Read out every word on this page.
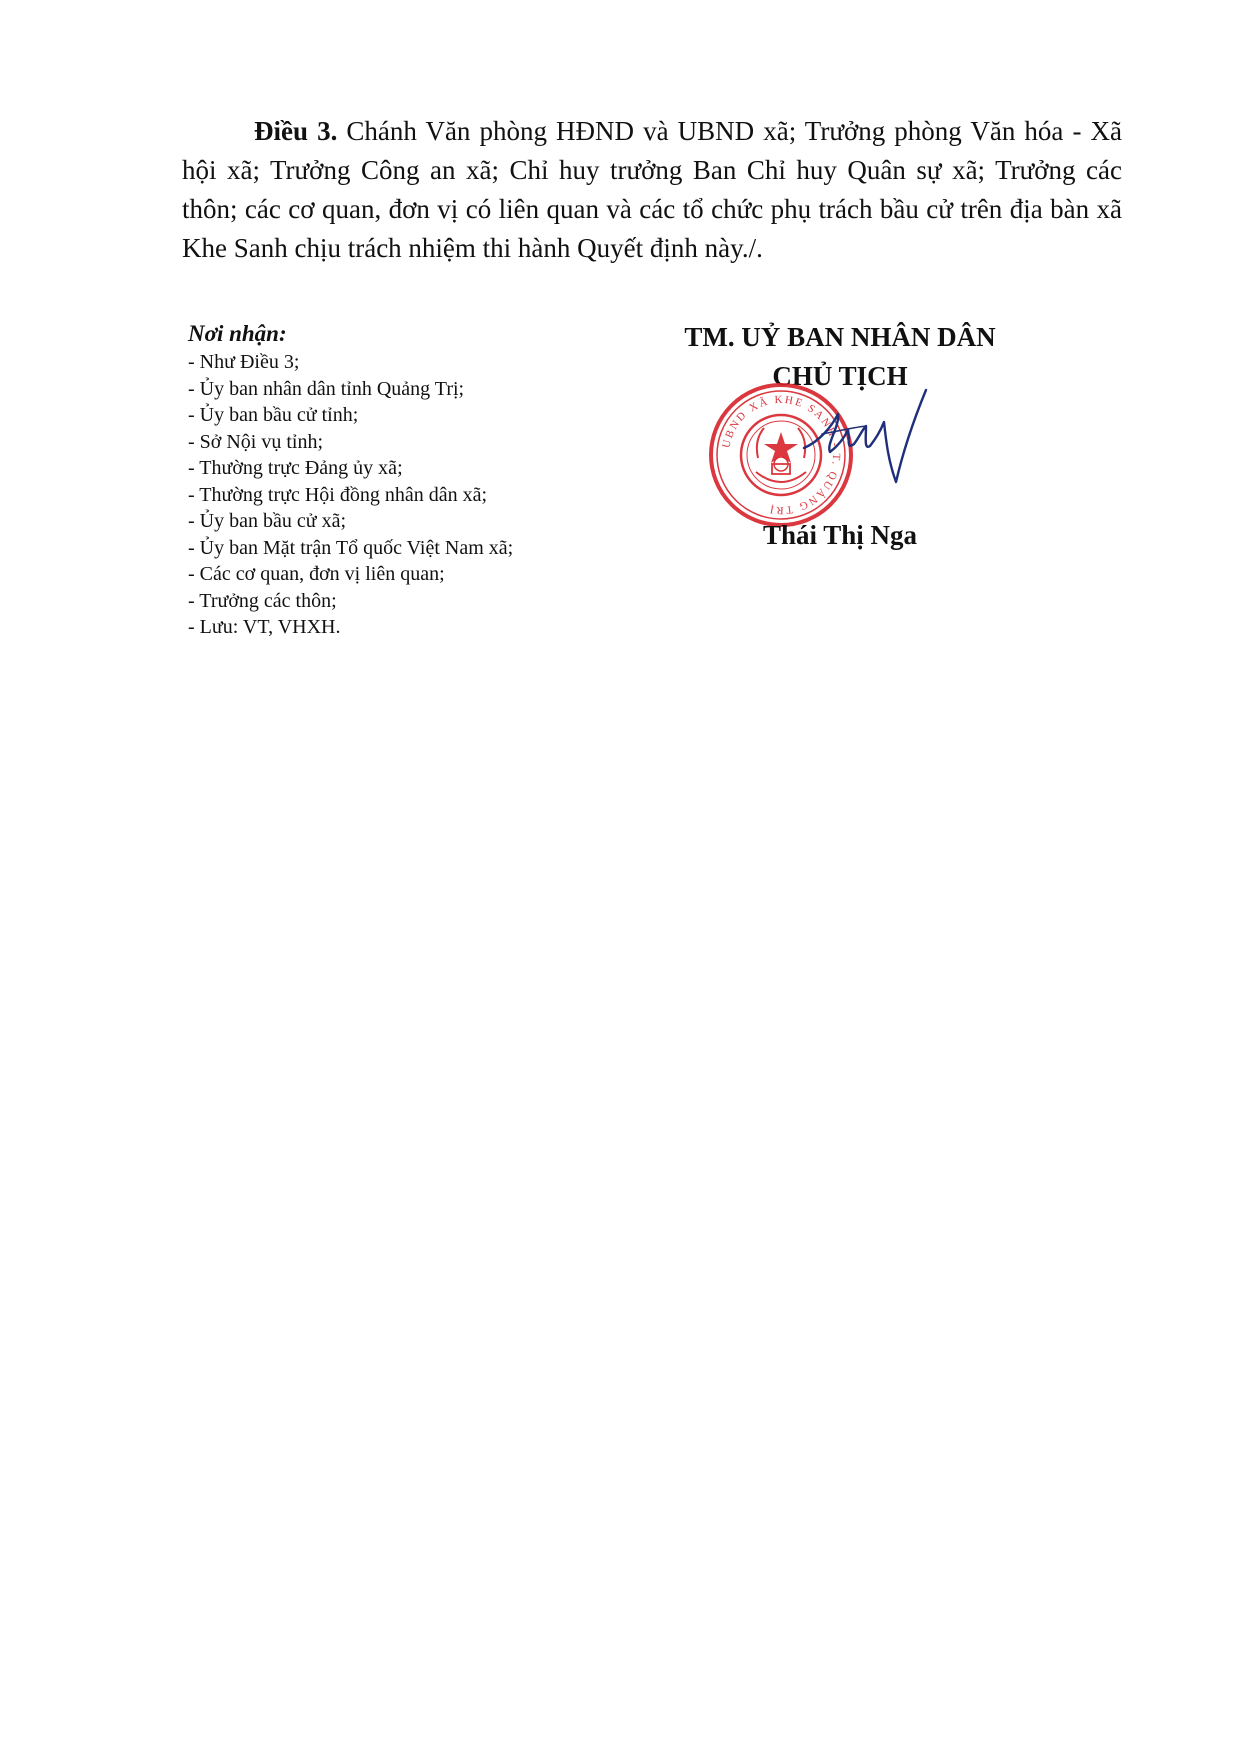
Điều 3. Chánh Văn phòng HĐND và UBND xã; Trưởng phòng Văn hóa - Xã hội xã; Trưởng Công an xã; Chỉ huy trưởng Ban Chỉ huy Quân sự xã; Trưởng các thôn; các cơ quan, đơn vị có liên quan và các tổ chức phụ trách bầu cử trên địa bàn xã Khe Sanh chịu trách nhiệm thi hành Quyết định này./.

Nơi nhận:
- Như Điều 3;
- Ủy ban nhân dân tỉnh Quảng Trị;
- Ủy ban bầu cử tỉnh;
- Sở Nội vụ tỉnh;
- Thường trực Đảng ủy xã;
- Thường trực Hội đồng nhân dân xã;
- Ủy ban bầu cử xã;
- Ủy ban Mặt trận Tổ quốc Việt Nam xã;
- Các cơ quan, đơn vị liên quan;
- Trưởng các thôn;
- Lưu: VT, VHXH.
TM. UỶ BAN NHÂN DÂN
CHỦ TỊCH
UBND XÃ KHE SANH - T. QUẢNG TRỊ
Thái Thị Nga
